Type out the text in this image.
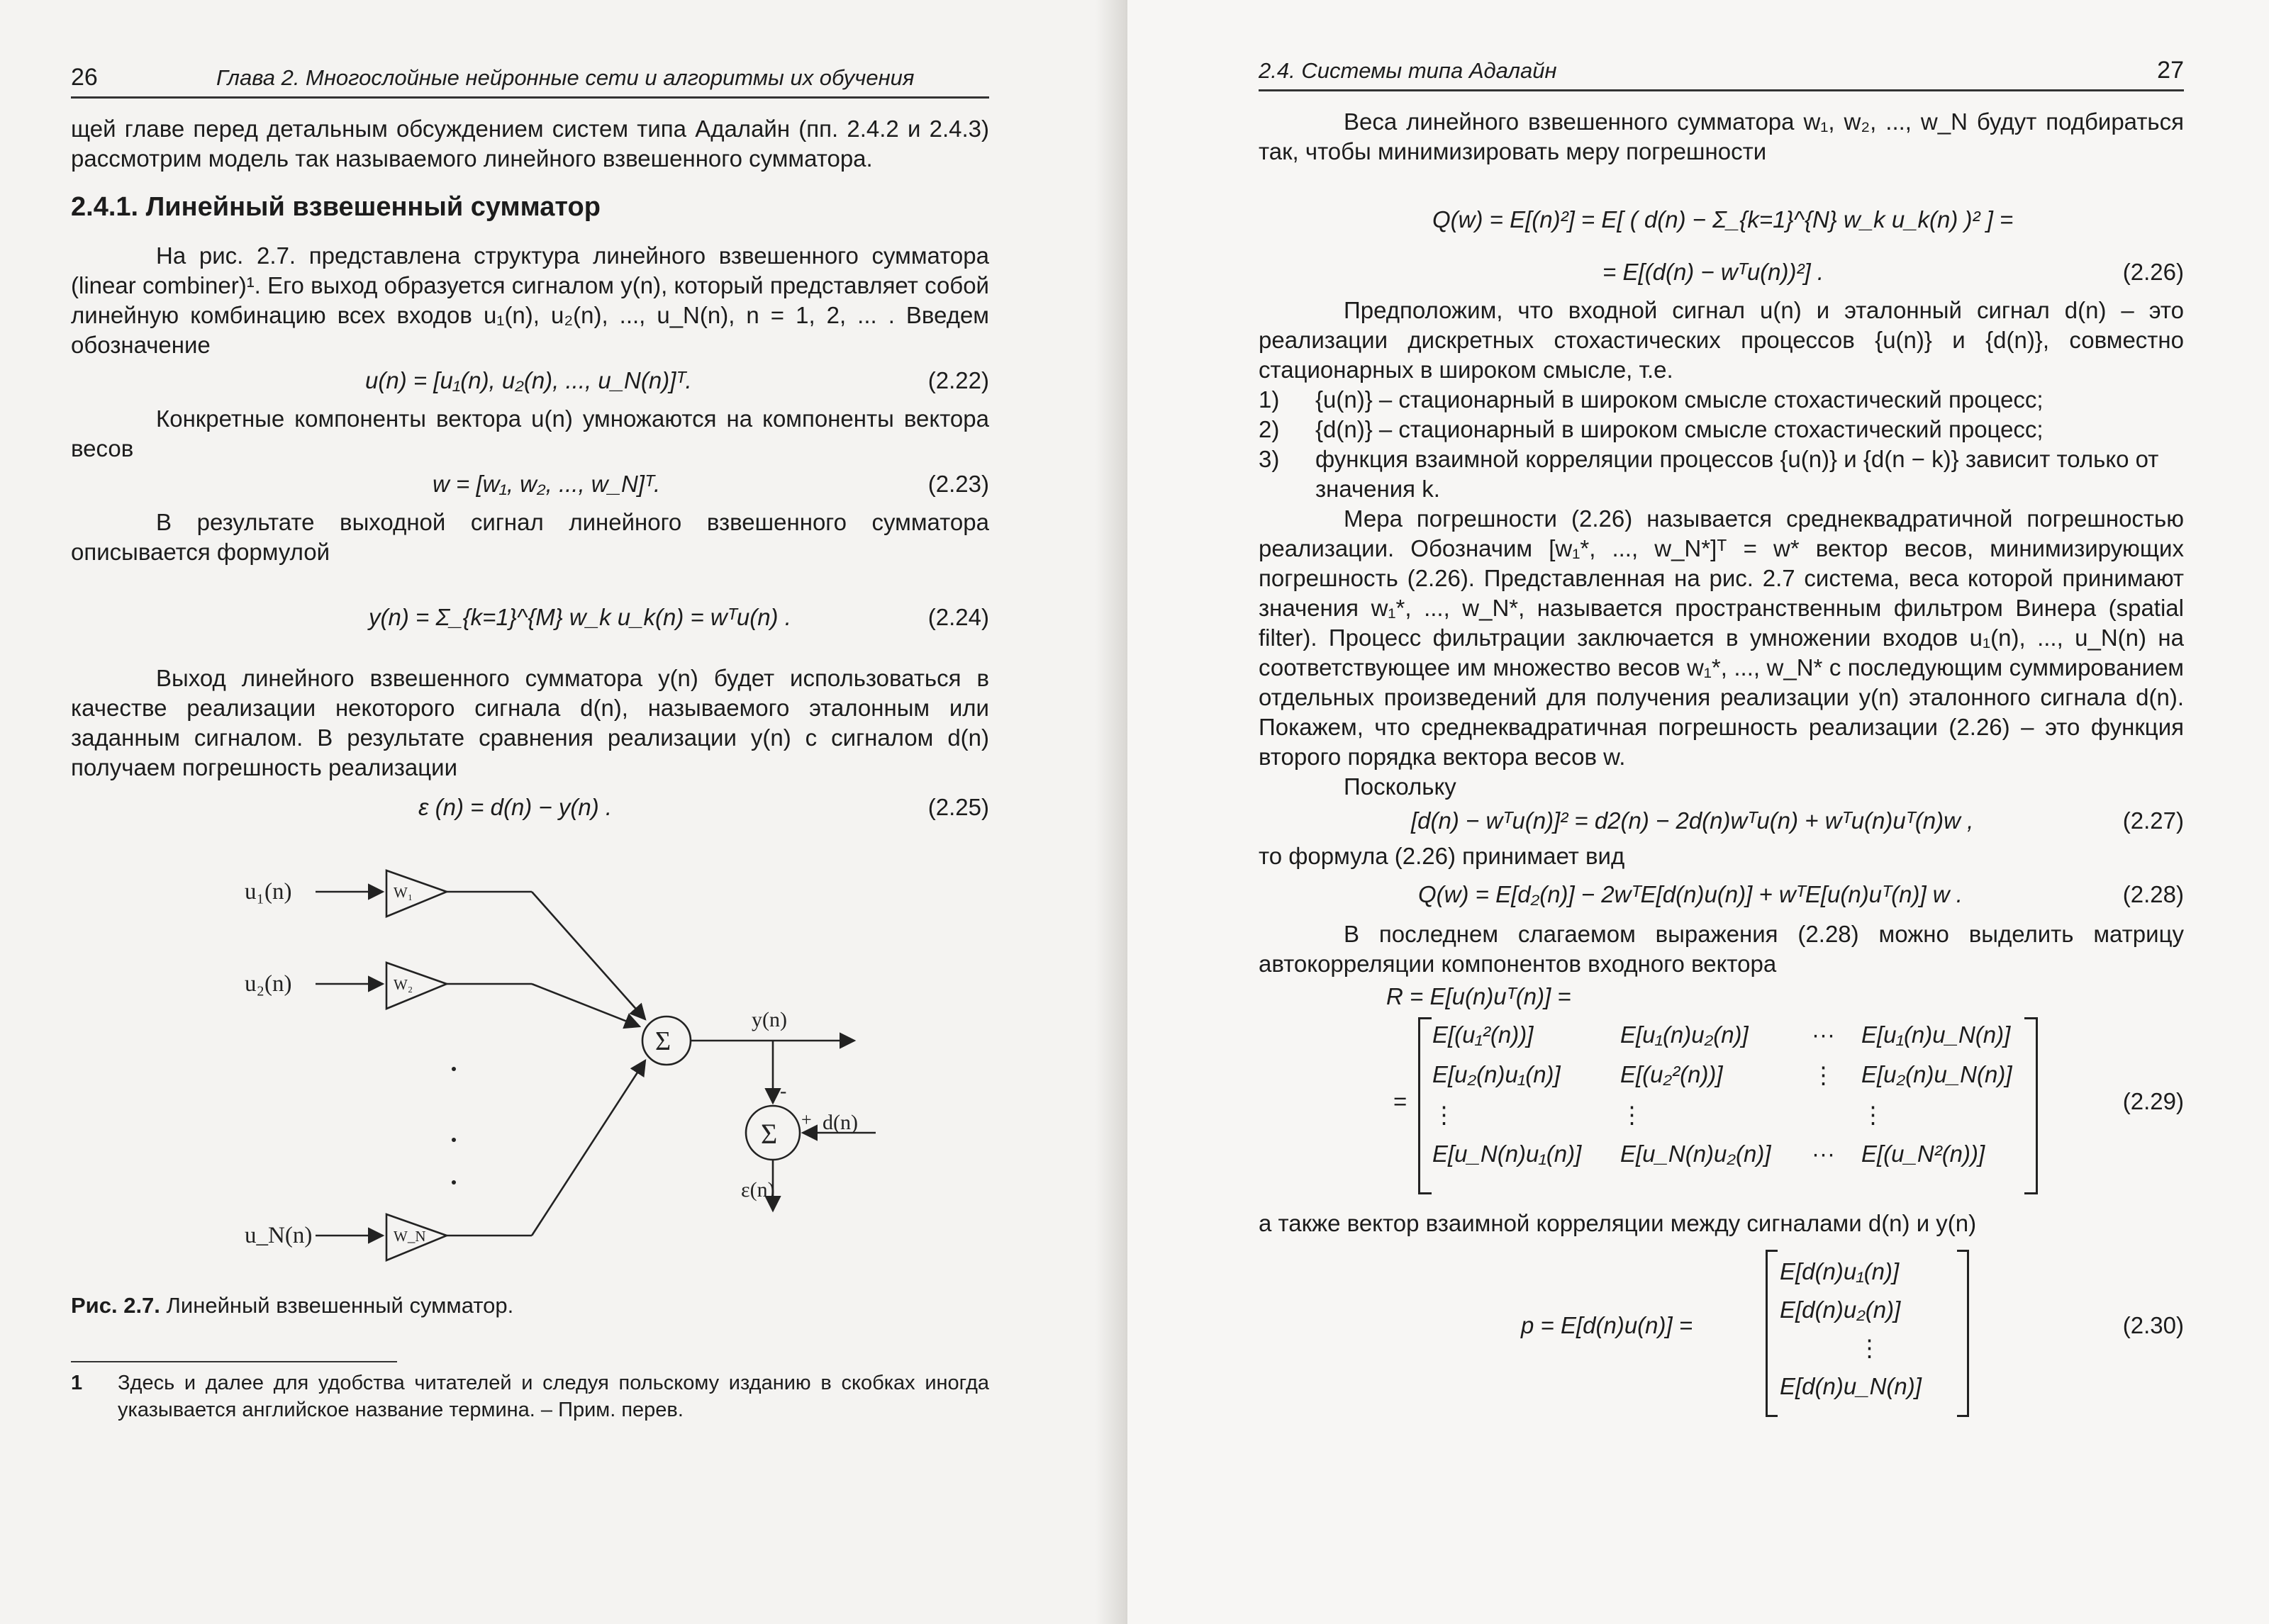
26	Глава 2. Многослойные нейронные сети и алгоритмы их обучения

щей главе перед детальным обсуждением систем типа Адалайн (пп. 2.4.2 и 2.4.3) рассмотрим модель так называемого линейного взвешенного сумматора.

2.4.1. Линейный взвешенный сумматор

На рис. 2.7. представлена структура линейного взвешенного сумматора (linear combiner)¹. Его выход образуется сигналом y(n), который представляет собой линейную комбинацию всех входов u₁(n), u₂(n), ..., u_N(n), n = 1, 2, ... . Введем обозначение

u(n) = [u₁(n), u₂(n), ..., u_N(n)]ᵀ.	(2.22)

Конкретные компоненты вектора u(n) умножаются на компоненты вектора весов

w = [w₁, w₂, ..., w_N]ᵀ.	(2.23)

В результате выходной сигнал линейного взвешенного сумматора описывается формулой

y(n) = Σ_{k=1}^{M} w_k u_k(n) = wᵀu(n) .	(2.24)

Выход линейного взвешенного сумматора y(n) будет использоваться в качестве реализации некоторого сигнала d(n), называемого эталонным или заданным сигналом. В результате сравнения реализации y(n) с сигналом d(n) получаем погрешность реализации

ε (n) = d(n) − y(n) .	(2.25)
u₁(n)
u₂(n)
u_N(n)
W₁
W₂
W_N
Σ
Σ
y(n)
d(n)
ε(n)
-
+
Рис. 2.7. Линейный взвешенный сумматор.
1 Здесь и далее для удобства читателей и следуя польскому изданию в скобках иногда указывается английское название термина. – Прим. перев.
2.4. Системы типа Адалайн	27

Веса линейного взвешенного сумматора w₁, w₂, ..., w_N будут подбираться так, чтобы минимизировать меру погрешности

Q(w) = E[(n)²] = E[ ( d(n) − Σ_{k=1}^{N} w_k u_k(n) )² ] =
= E[(d(n) − wᵀu(n))²] .	(2.26)

Предположим, что входной сигнал u(n) и эталонный сигнал d(n) – это реализации дискретных стохастических процессов {u(n)} и {d(n)}, совместно стационарных в широком смысле, т.е.

1) {u(n)} – стационарный в широком смысле стохастический процесс;
2) {d(n)} – стационарный в широком смысле стохастический процесс;
3) функция взаимной корреляции процессов {u(n)} и {d(n − k)} зависит только от значения k.

Мера погрешности (2.26) называется среднеквадратичной погрешностью реализации. Обозначим [w₁*, ..., w_N*]ᵀ = w* вектор весов, минимизирующих погрешность (2.26). Представленная на рис. 2.7 система, веса которой принимают значения w₁*, ..., w_N*, называется пространственным фильтром Винера (spatial filter). Процесс фильтрации заключается в умножении входов u₁(n), ..., u_N(n) на соответствующее им множество весов w₁*, ..., w_N* с последующим суммированием отдельных произведений для получения реализации y(n) эталонного сигнала d(n). Покажем, что среднеквадратичная погрешность реализации (2.26) – это функция второго порядка вектора весов w.

Поскольку

[d(n) − wᵀu(n)]² = d2(n) − 2d(n)wᵀu(n) + wᵀu(n)uᵀ(n)w ,	(2.27)

то формула (2.26) принимает вид

Q(w) = E[d₂(n)] − 2wᵀE[d(n)u(n)] + wᵀE[u(n)uᵀ(n)] w .	(2.28)

В последнем слагаемом выражения (2.28) можно выделить матрицу автокорреляции компонентов входного вектора

R = E[u(n)uᵀ(n)] =
=
E[(u₁²(n))]	E[u₁(n)u₂(n)]	···	E[u₁(n)u_N(n)]
E[u₂(n)u₁(n)]	E[(u₂²(n))]	⋮	E[u₂(n)u_N(n)]
⋮	⋮	⋮
E[u_N(n)u₁(n)]	E[u_N(n)u₂(n)]	···	E[(u_N²(n))]
(2.29)

а также вектор взаимной корреляции между сигналами d(n) и y(n)

p = E[d(n)u(n)] =
E[d(n)u₁(n)]
E[d(n)u₂(n)]
⋮
E[d(n)u_N(n)]
(2.30)
